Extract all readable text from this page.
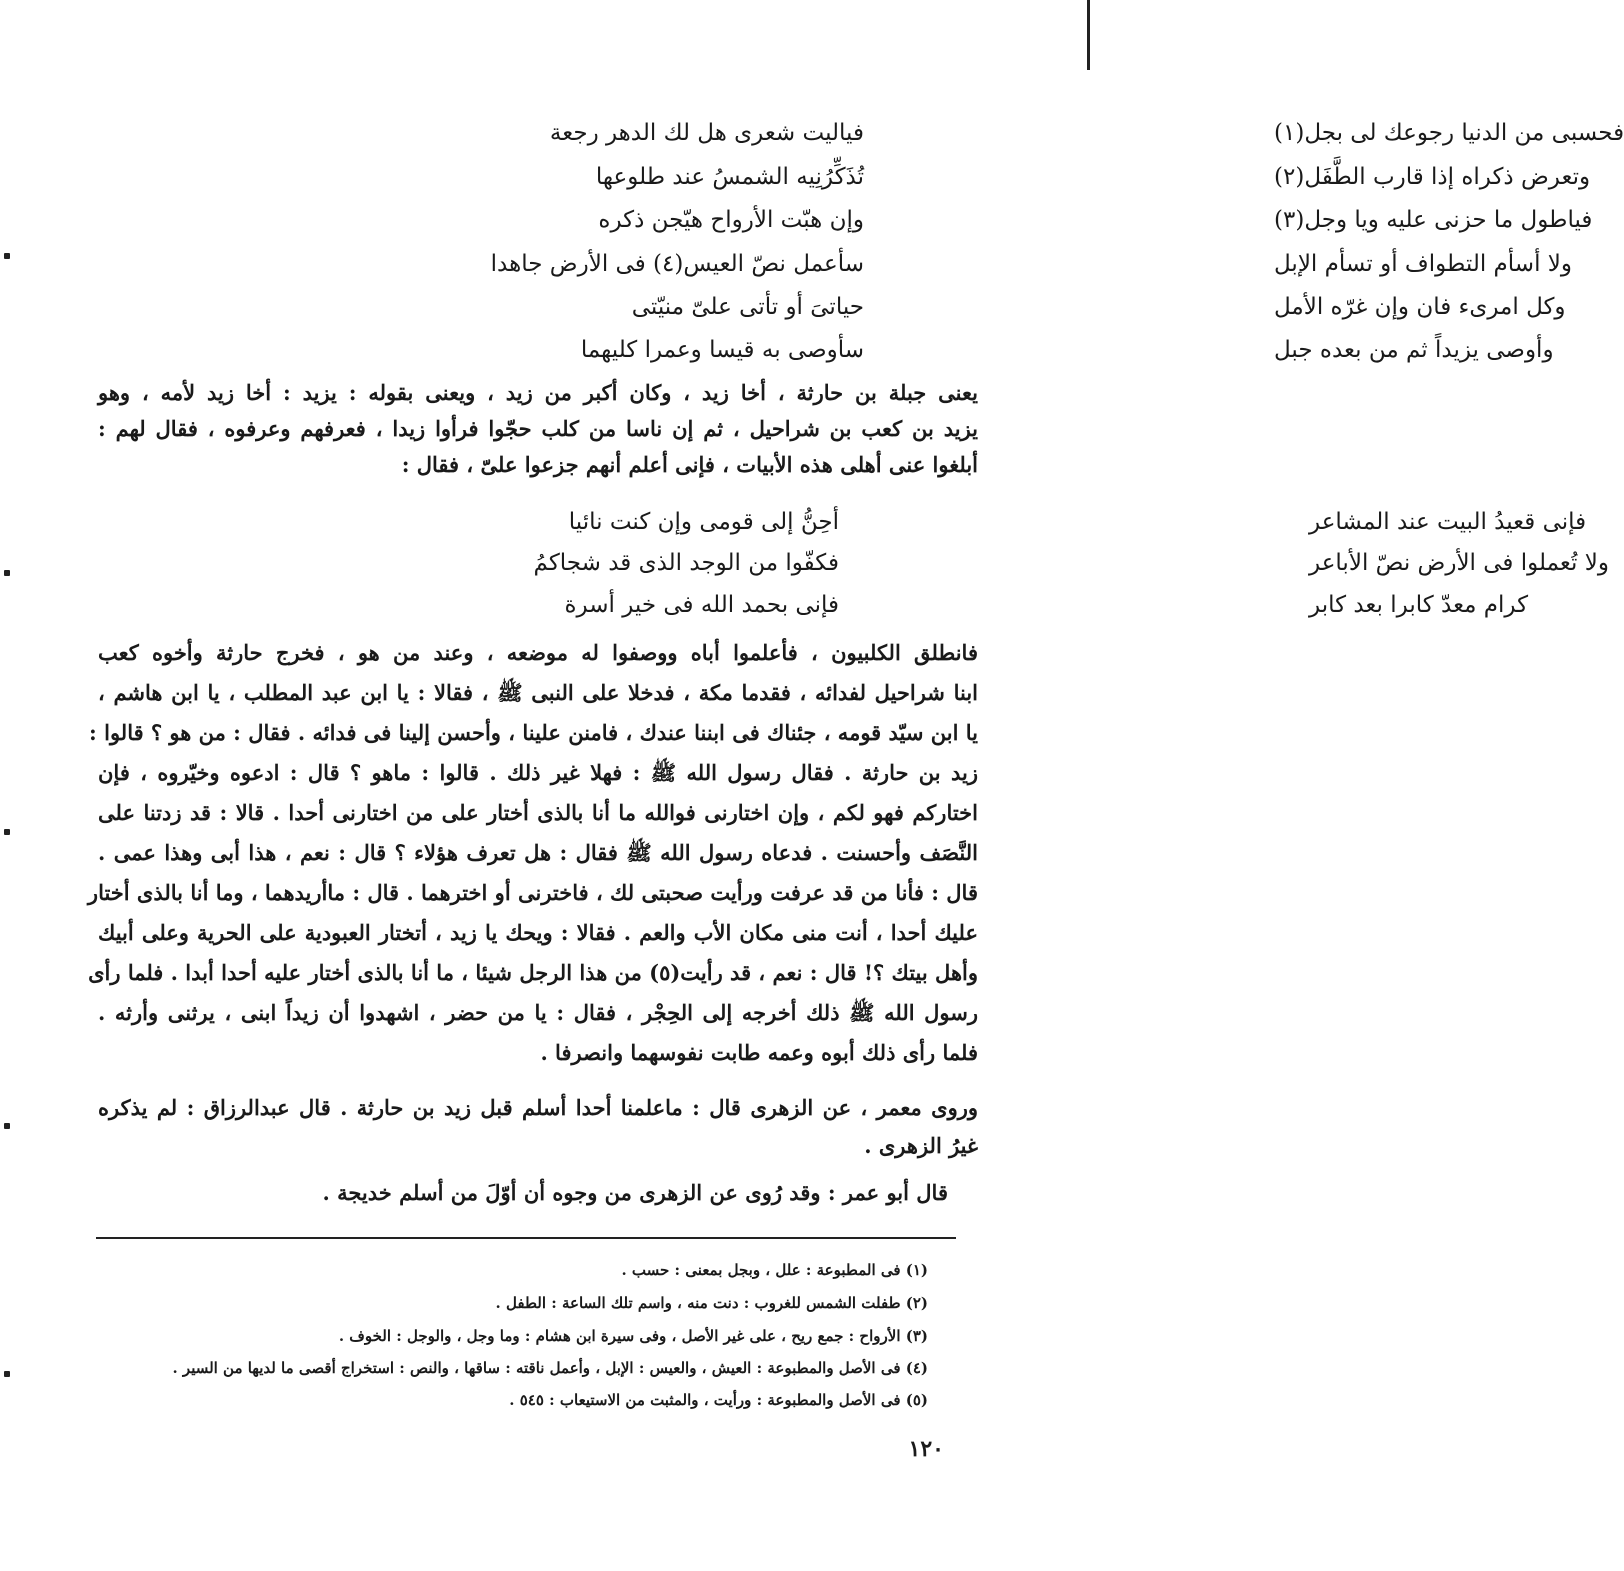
فياليت شعرى هل لك الدهر رجعة	فحسبى من الدنيا رجوعك لى بجل(١)
تُذَكِّرُنِيه الشمسُ عند طلوعها	وتعرض ذكراه إذا قارب الطَّفَل(٢)
وإن هبّت الأرواح هيّجن ذكره	فياطول ما حزنى عليه ويا وجل(٣)
سأعمل نصّ العيس(٤) فى الأرض جاهدا	ولا أسأم التطواف أو تسأم الإبل
حياتىَ أو تأتى علىّ منيّتى	وكل امرىء فان وإن غرّه الأمل
سأوصى به قيسا وعمرا كليهما	وأوصى يزيداً ثم من بعده جبل
يعنى جبلة بن حارثة ، أخا زيد ، وكان أكبر من زيد ، ويعنى بقوله : يزيد : أخا زيد لأمه ، وهو
يزيد بن كعب بن شراحيل ، ثم إن ناسا من كلب حجّوا فرأوا زيدا ، فعرفهم وعرفوه ، فقال لهم :
أبلغوا عنى أهلى هذه الأبيات ، فإنى أعلم أنهم جزعوا علىّ ، فقال :
أحِنُّ إلى قومى وإن كنت نائيا	فإنى قعيدُ البيت عند المشاعر
فكفّوا من الوجد الذى قد شجاكمُ	ولا تُعملوا فى الأرض نصّ الأباعر
فإنى بحمد الله فى خير أسرة	كرام معدّ كابرا بعد كابر
فانطلق الكلبيون ، فأعلموا أباه ووصفوا له موضعه ، وعند من هو ، فخرج حارثة وأخوه كعب
ابنا شراحيل لفدائه ، فقدما مكة ، فدخلا على النبى ﷺ ، فقالا : يا ابن عبد المطلب ، يا ابن هاشم ،
يا ابن سيّد قومه ، جئناك فى ابننا عندك ، فامنن علينا ، وأحسن إلينا فى فدائه . فقال : من هو ؟ قالوا :
زيد بن حارثة . فقال رسول الله ﷺ : فهلا غير ذلك . قالوا : ماهو ؟ قال : ادعوه وخيّروه ، فإن
اختاركم فهو لكم ، وإن اختارنى فوالله ما أنا بالذى أختار على من اختارنى أحدا . قالا : قد زدتنا على
النَّصَف وأحسنت . فدعاه رسول الله ﷺ فقال : هل تعرف هؤلاء ؟ قال : نعم ، هذا أبى وهذا عمى .
قال : فأنا من قد عرفت ورأيت صحبتى لك ، فاخترنى أو اخترهما . قال : ماأريدهما ، وما أنا بالذى أختار
عليك أحدا ، أنت منى مكان الأب والعم . فقالا : ويحك يا زيد ، أتختار العبودية على الحرية وعلى أبيك
وأهل بيتك ؟! قال : نعم ، قد رأيت(٥) من هذا الرجل شيئا ، ما أنا بالذى أختار عليه أحدا أبدا . فلما رأى
رسول الله ﷺ ذلك أخرجه إلى الحِجْر ، فقال : يا من حضر ، اشهدوا أن زيداً ابنى ، يرثنى وأرثه .
فلما رأى ذلك أبوه وعمه طابت نفوسهما وانصرفا .
وروى معمر ، عن الزهرى قال : ماعلمنا أحدا أسلم قبل زيد بن حارثة . قال عبدالرزاق : لم يذكره
غيرُ الزهرى .
قال أبو عمر : وقد رُوى عن الزهرى من وجوه أن أوّلَ من أسلم خديجة .
(١) فى المطبوعة : علل ، وبجل بمعنى : حسب .
(٢) طفلت الشمس للغروب : دنت منه ، واسم تلك الساعة : الطفل .
(٣) الأرواح : جمع ريح ، على غير الأصل ، وفى سيرة ابن هشام : وما وجل ، والوجل : الخوف .
(٤) فى الأصل والمطبوعة : العيش ، والعيس : الإبل ، وأعمل ناقته : ساقها ، والنص : استخراج أقصى ما لديها من السير .
(٥) فى الأصل والمطبوعة : ورأيت ، والمثبت من الاستيعاب : ٥٤٥ .
١٢٠
